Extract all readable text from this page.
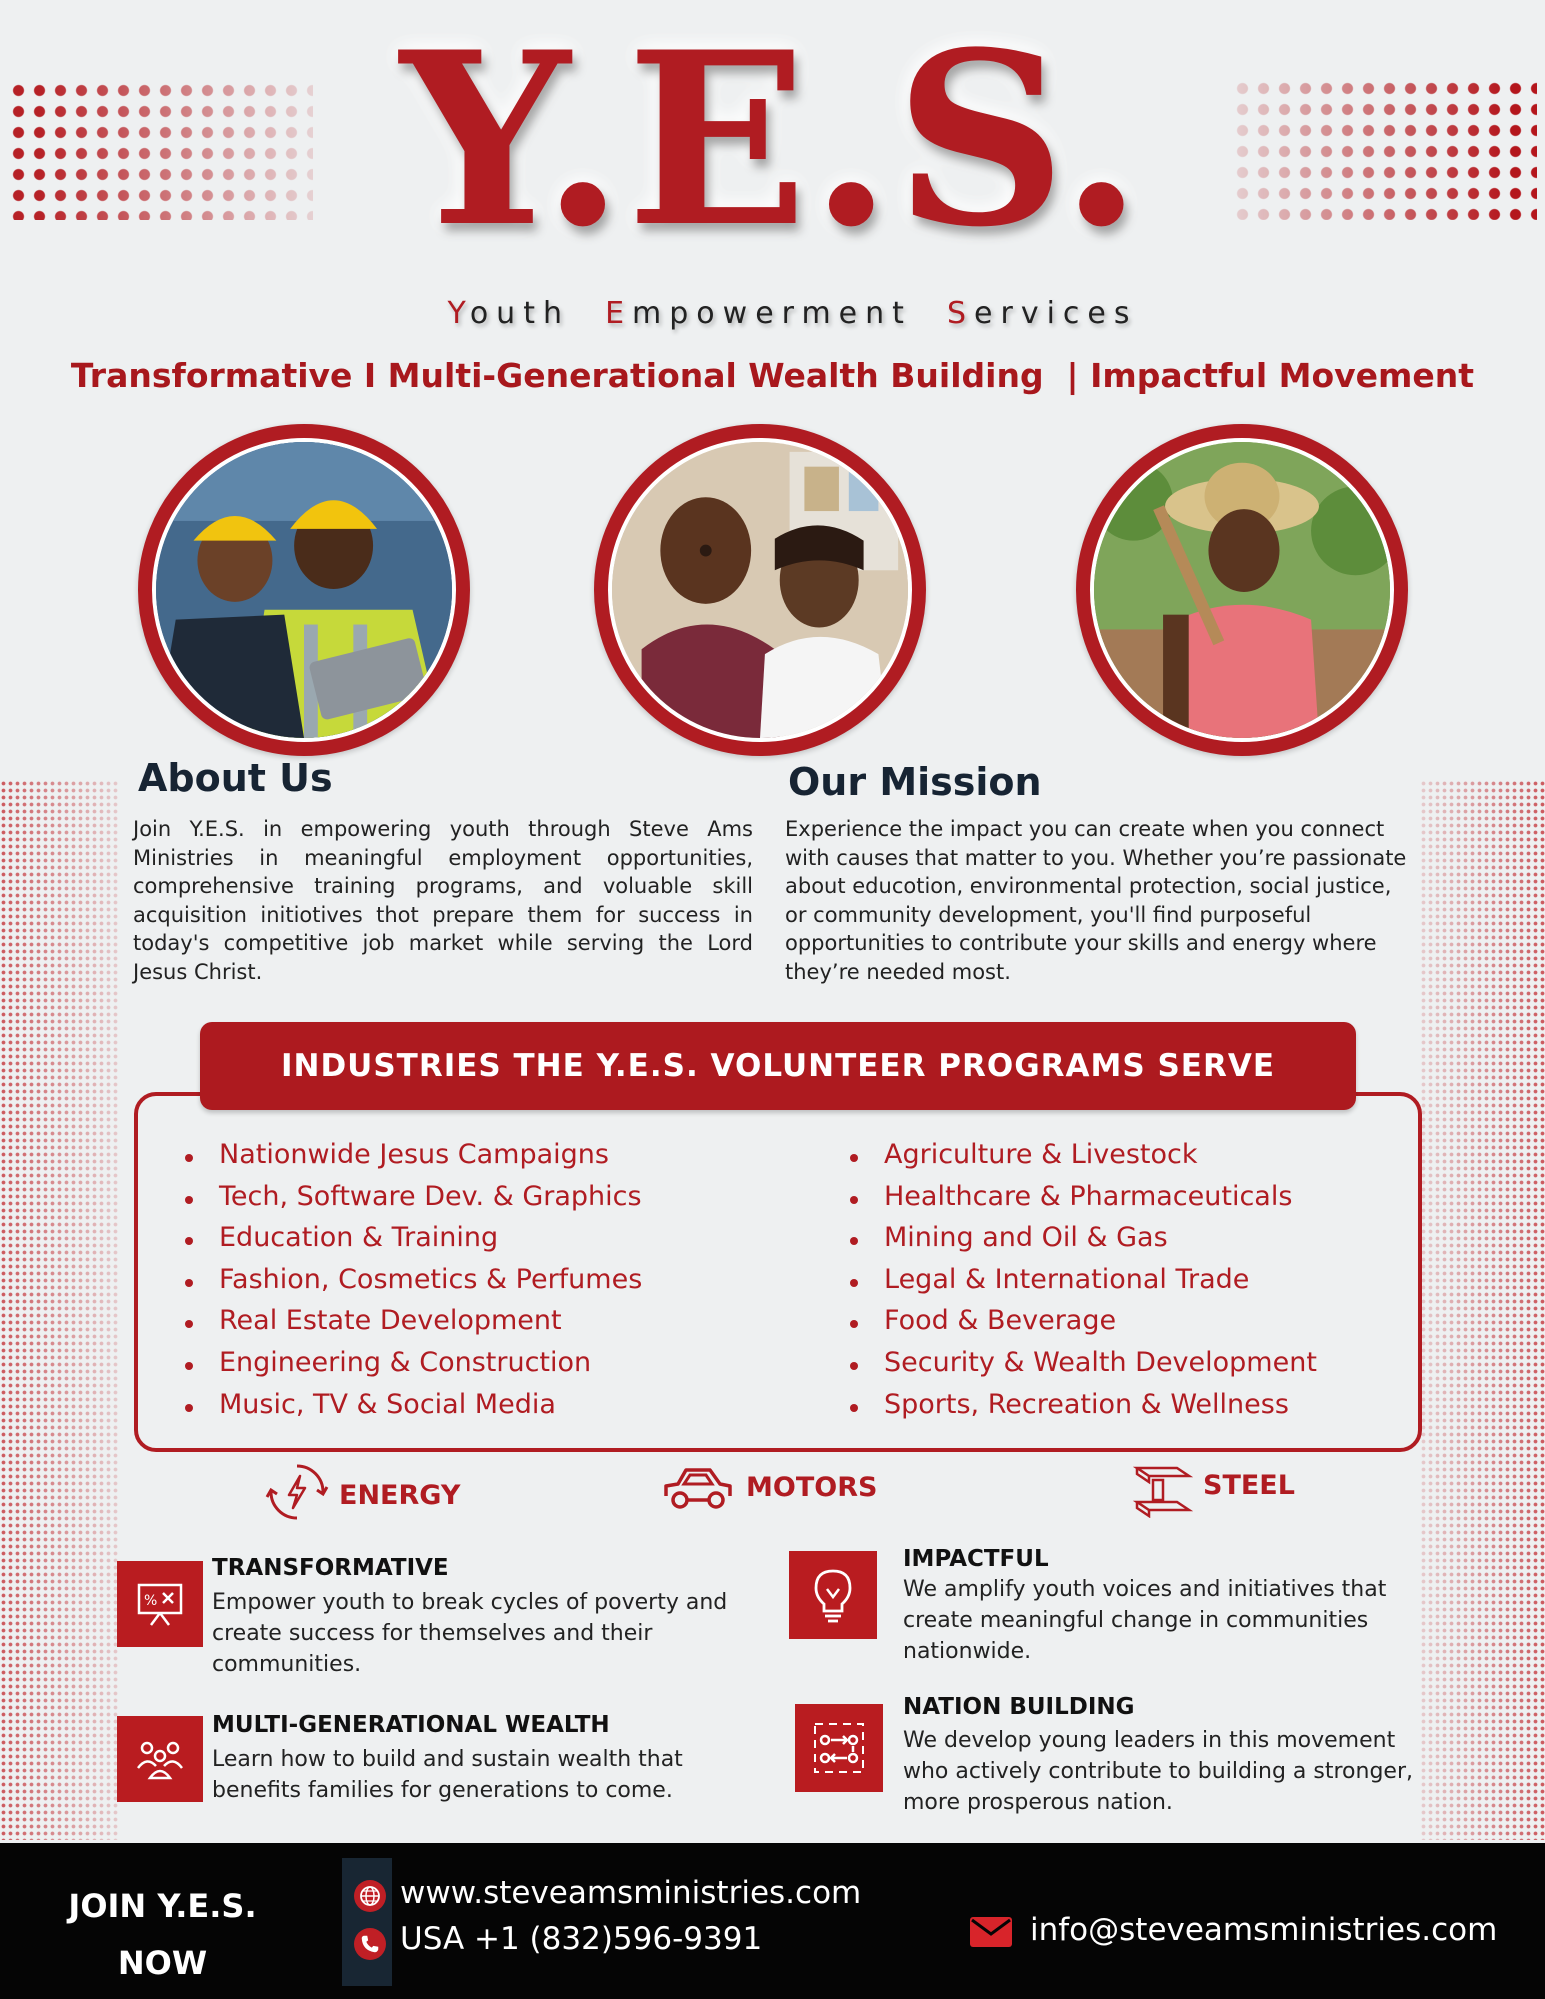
Y.E.S.
Youth Empowerment Services
Transformative I Multi-Generational Wealth Building  | Impactful Movement
About Us
Join Y.E.S. in empowering youth through Steve Ams Ministries in meaningful employment opportunities, comprehensive training programs, and voluable skill acquisition initiotives thot prepare them for success in today's competitive job market while serving the Lord Jesus Christ.
Our Mission
Experience the impact you can create when you connect with causes that matter to you. Whether you’re passionate about educotion, environmental protection, social justice, or community development, you'll find purposeful opportunities to contribute your skills and energy where they’re needed most.
INDUSTRIES THE Y.E.S. VOLUNTEER PROGRAMS SERVE
Nationwide Jesus Campaigns
Tech, Software Dev. & Graphics
Education & Training
Fashion, Cosmetics & Perfumes
Real Estate Development
Engineering & Construction
Music, TV & Social Media
Agriculture & Livestock
Healthcare & Pharmaceuticals
Mining and Oil & Gas
Legal & International Trade
Food & Beverage
Security & Wealth Development
Sports, Recreation & Wellness
ENERGY	MOTORS	STEEL
%
TRANSFORMATIVE
Empower youth to break cycles of poverty and create success for themselves and their communities.
MULTI-GENERATIONAL WEALTH
Learn how to build and sustain wealth that benefits families for generations to come.
IMPACTFUL
We amplify youth voices and initiatives that create meaningful change in communities nationwide.
NATION BUILDING
We develop young leaders in this movement who actively contribute to building a stronger, more prosperous nation.
JOIN Y.E.S.
NOW
www.steveamsministries.com
USA +1 (832)596-9391	info@steveamsministries.com
